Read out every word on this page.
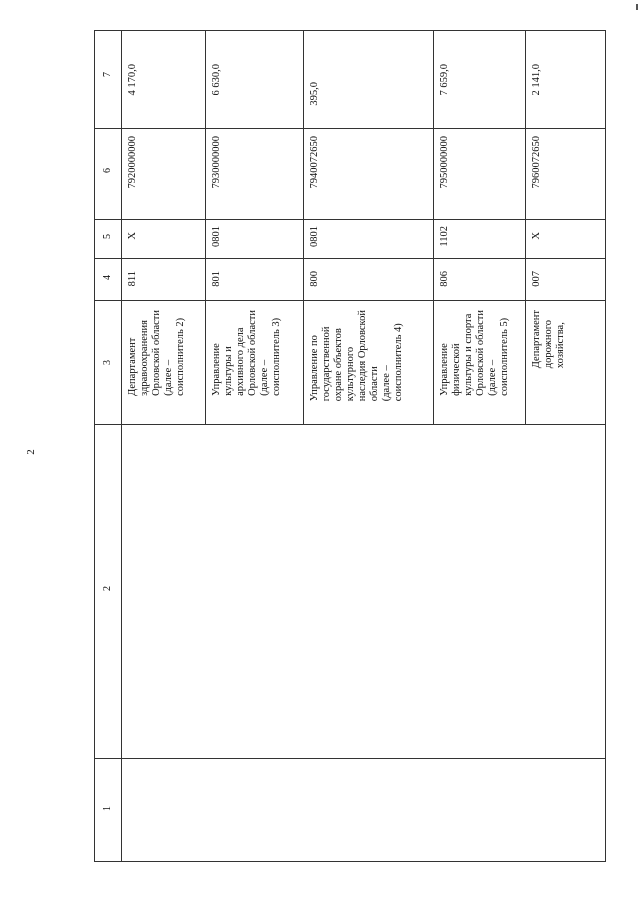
2
7
6
5
4
3
2
1
4 170,0
7920000000
X
811
Департамент
здравоохранения
Орловской области
(далее –
соисполнитель 2)
6 630,0
7930000000
0801
801
Управление
культуры и
архивного дела
Орловской области
(далее –
соисполнитель 3)
395,0
7940072650
0801
800
Управление по
государственной
охране объектов
культурного
наследия Орловской
области
(далее –
соисполнитель 4)
7 659,0
7950000000
1102
806
Управление
физической
культуры и спорта
Орловской области
(далее –
соисполнитель 5)
2 141,0
7960072650
X
007
Департамент
дорожного
хозяйства,
